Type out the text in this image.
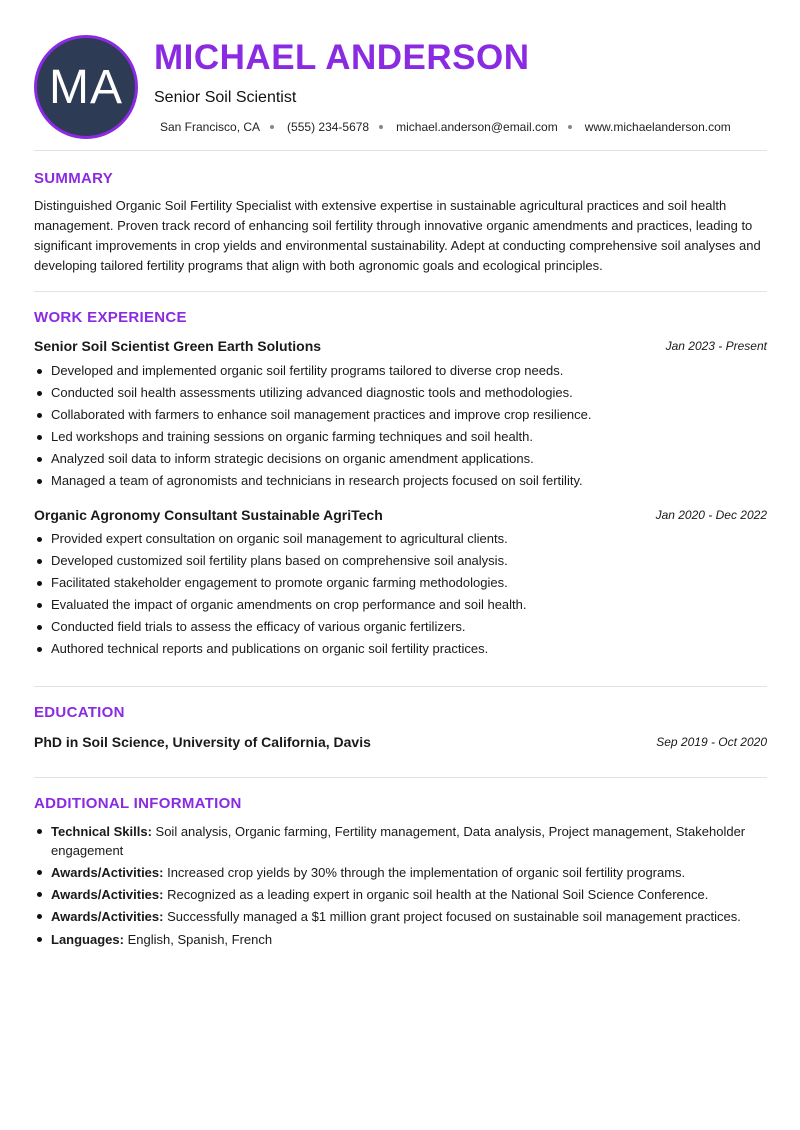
MA
MICHAEL ANDERSON
Senior Soil Scientist
San Francisco, CA (555) 234-5678 michael.anderson@email.com www.michaelanderson.com
SUMMARY
Distinguished Organic Soil Fertility Specialist with extensive expertise in sustainable agricultural practices and soil health management. Proven track record of enhancing soil fertility through innovative organic amendments and practices, leading to significant improvements in crop yields and environmental sustainability. Adept at conducting comprehensive soil analyses and developing tailored fertility programs that align with both agronomic goals and ecological principles.
WORK EXPERIENCE
Senior Soil Scientist Green Earth Solutions	Jan 2023 - Present
Developed and implemented organic soil fertility programs tailored to diverse crop needs.
Conducted soil health assessments utilizing advanced diagnostic tools and methodologies.
Collaborated with farmers to enhance soil management practices and improve crop resilience.
Led workshops and training sessions on organic farming techniques and soil health.
Analyzed soil data to inform strategic decisions on organic amendment applications.
Managed a team of agronomists and technicians in research projects focused on soil fertility.
Organic Agronomy Consultant Sustainable AgriTech	Jan 2020 - Dec 2022
Provided expert consultation on organic soil management to agricultural clients.
Developed customized soil fertility plans based on comprehensive soil analysis.
Facilitated stakeholder engagement to promote organic farming methodologies.
Evaluated the impact of organic amendments on crop performance and soil health.
Conducted field trials to assess the efficacy of various organic fertilizers.
Authored technical reports and publications on organic soil fertility practices.
EDUCATION
PhD in Soil Science, University of California, Davis	Sep 2019 - Oct 2020
ADDITIONAL INFORMATION
Technical Skills: Soil analysis, Organic farming, Fertility management, Data analysis, Project management, Stakeholder engagement
Awards/Activities: Increased crop yields by 30% through the implementation of organic soil fertility programs.
Awards/Activities: Recognized as a leading expert in organic soil health at the National Soil Science Conference.
Awards/Activities: Successfully managed a $1 million grant project focused on sustainable soil management practices.
Languages: English, Spanish, French
